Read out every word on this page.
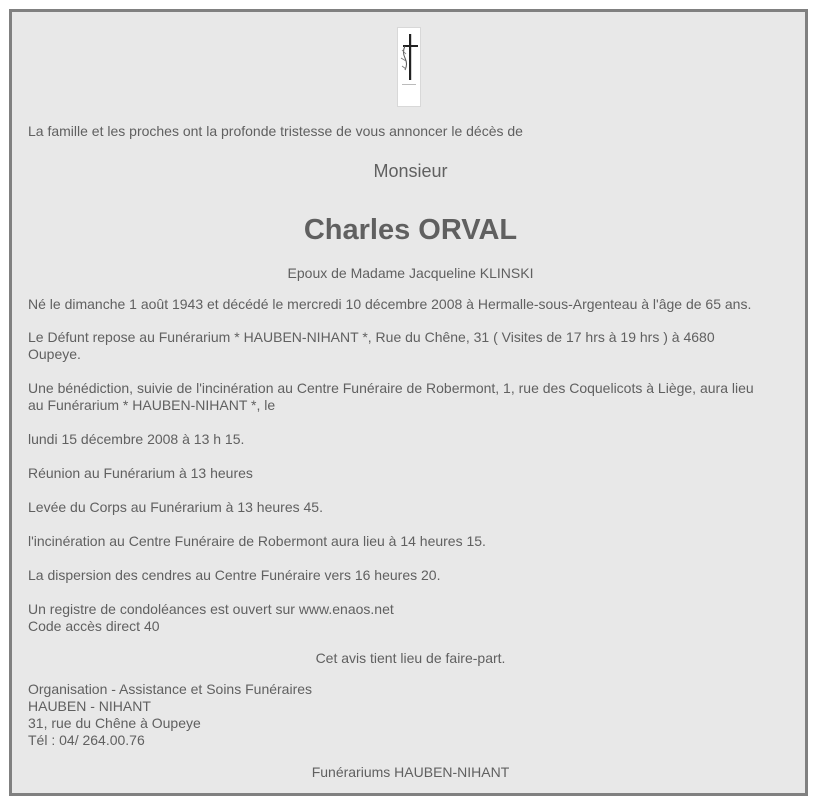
La famille et les proches ont la profonde tristesse de vous annoncer le décès de

Monsieur

Charles ORVAL

Epoux de Madame Jacqueline KLINSKI

Né le dimanche 1 août 1943 et décédé le mercredi 10 décembre 2008 à Hermalle-sous-Argenteau à l'âge de 65 ans.

Le Défunt repose au Funérarium * HAUBEN-NIHANT *, Rue du Chêne, 31 ( Visites de 17 hrs à 19 hrs ) à 4680
Oupeye.
Une bénédiction, suivie de l'incinération au Centre Funéraire de Robermont, 1, rue des Coquelicots à Liège, aura lieu
au Funérarium * HAUBEN-NIHANT *, le

lundi 15 décembre 2008 à 13 h 15.

Réunion au Funérarium à 13 heures

Levée du Corps au Funérarium à 13 heures 45.

l'incinération au Centre Funéraire de Robermont aura lieu à 14 heures 15.

La dispersion des cendres au Centre Funéraire vers 16 heures 20.

Un registre de condoléances est ouvert sur www.enaos.net
Code accès direct 40

Cet avis tient lieu de faire-part.

Organisation - Assistance et Soins Funéraires
HAUBEN - NIHANT
31, rue du Chêne à Oupeye
Tél : 04/ 264.00.76

Funérariums HAUBEN-NIHANT
